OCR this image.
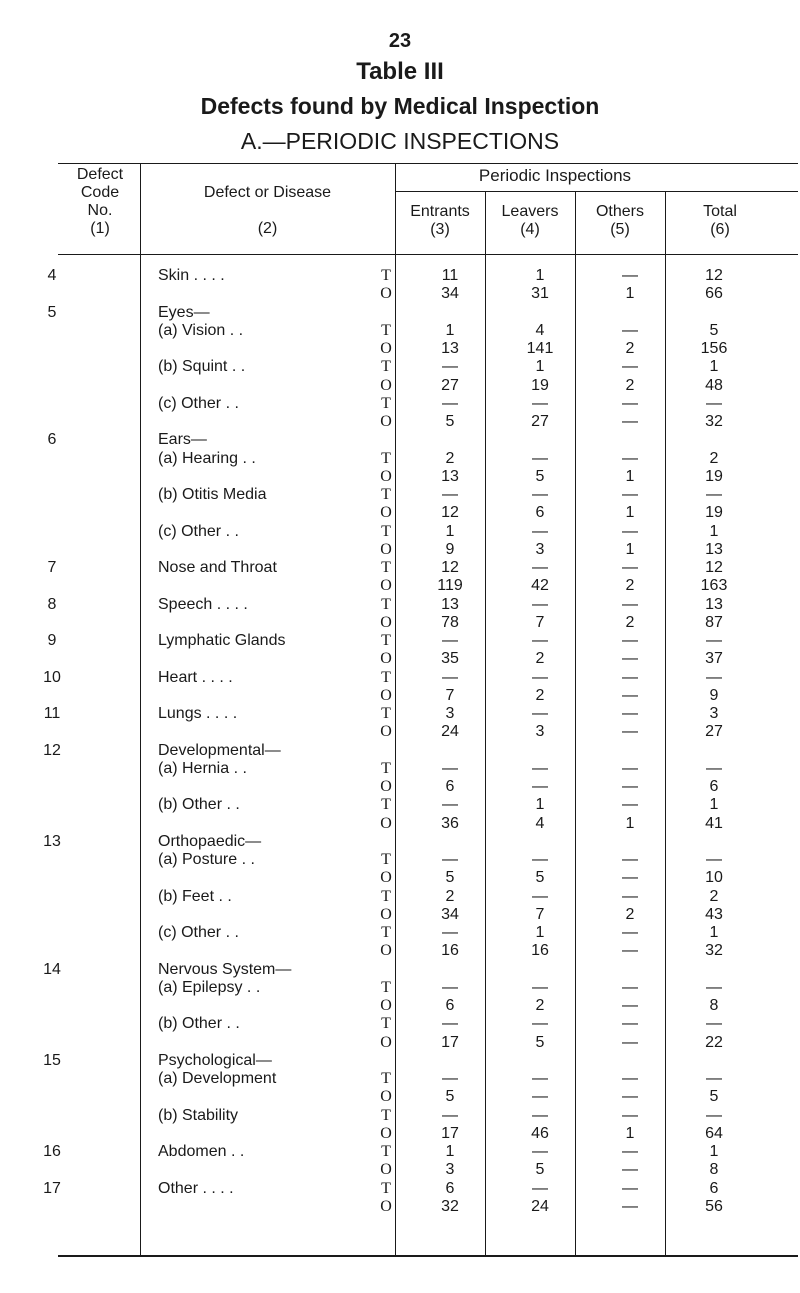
23
Table III
Defects found by Medical Inspection
A.—PERIODIC INSPECTIONS
Defect
Code
No.
(1)
Defect or Disease
(2)
Periodic Inspections
Entrants
(3)
Leavers
(4)
Others
(5)
Total
(6)
4	Skin . . . .	T	11	1	—	12
O	34	31	1	66
5	Eyes—
(a) Vision . .	T	1	4	—	5
O	13	141	2	156
(b) Squint . .	T	—	1	—	1
O	27	19	2	48
(c) Other . .	T	—	—	—	—
O	5	27	—	32
6	Ears—
(a) Hearing . .	T	2	—	—	2
O	13	5	1	19
(b) Otitis Media	T	—	—	—	—
O	12	6	1	19
(c) Other . .	T	1	—	—	1
O	9	3	1	13
7	Nose and Throat	T	12	—	—	12
O	119	42	2	163
8	Speech . . . .	T	13	—	—	13
O	78	7	2	87
9	Lymphatic Glands	T	—	—	—	—
O	35	2	—	37
10	Heart . . . .	T	—	—	—	—
O	7	2	—	9
11	Lungs . . . .	T	3	—	—	3
O	24	3	—	27
12	Developmental—
(a) Hernia . .	T	—	—	—	—
O	6	—	—	6
(b) Other . .	T	—	1	—	1
O	36	4	1	41
13	Orthopaedic—
(a) Posture . .	T	—	—	—	—
O	5	5	—	10
(b) Feet . .	T	2	—	—	2
O	34	7	2	43
(c) Other . .	T	—	1	—	1
O	16	16	—	32
14	Nervous System—
(a) Epilepsy . .	T	—	—	—	—
O	6	2	—	8
(b) Other . .	T	—	—	—	—
O	17	5	—	22
15	Psychological—
(a) Development	T	—	—	—	—
O	5	—	—	5
(b) Stability	T	—	—	—	—
O	17	46	1	64
16	Abdomen . .	T	1	—	—	1
O	3	5	—	8
17	Other . . . .	T	6	—	—	6
O	32	24	—	56
